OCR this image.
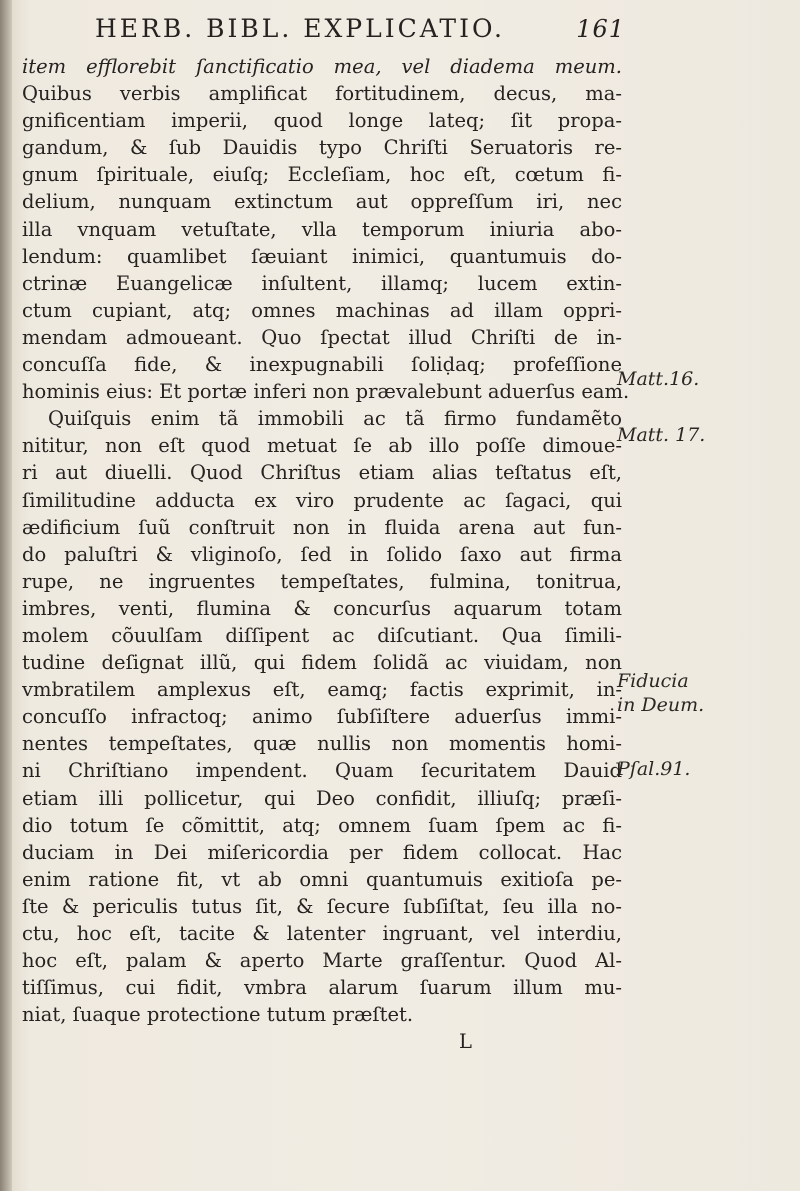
HERB. BIBL. EXPLICATIO.	161
item efflorebit ſanctificatio mea, vel diadema meum.
Quibus verbis amplificat fortitudinem, decus, ma-
gnificentiam imperii, quod longe lateq; ſit propa-
gandum, & ſub Dauidis typo Chriſti Seruatoris re-
gnum ſpirituale, eiuſq; Eccleſiam, hoc eſt, cœtum fi-
delium, nunquam extinctum aut oppreſſum iri, nec
illa vnquam vetuſtate, vlla temporum iniuria abo-
lendum: quamlibet ſæuiant inimici, quantumuis do-
ctrinæ Euangelicæ inſultent, illamq; lucem extin-
ctum cupiant, atq; omnes machinas ad illam oppri-
mendam admoueant. Quo ſpectat illud Chriſti de in-
concuſſa fide, & inexpugnabili ſoliḍaq; profeſſione
hominis eius: Et portæ inferi non prævalebunt aduerſus eam.
Quiſquis enim tã immobili ac tã firmo fundamẽto
nititur, non eſt quod metuat ſe ab illo poſſe dimoue-
ri aut diuelli. Quod Chriſtus etiam alias teſtatus eſt,
ſimilitudine adducta ex viro prudente ac ſagaci, qui
ædificium ſuũ conſtruit non in fluida arena aut fun-
do paluſtri & vliginoſo, ſed in ſolido ſaxo aut firma
rupe, ne ingruentes tempeſtates, fulmina, tonitrua,
imbres, venti, flumina & concurſus aquarum totam
molem cõuulſam diſſipent ac diſcutiant. Qua ſimili-
tudine deſignat illũ, qui fidem ſolidã ac viuidam, non
vmbratilem amplexus eſt, eamq; factis exprimit, in-
concuſſo infractoq; animo ſubſiſtere aduerſus immi-
nentes tempeſtates, quæ nullis non momentis homi-
ni Chriſtiano impendent. Quam ſecuritatem Dauid
etiam illi pollicetur, qui Deo confidit, illiuſq; præſi-
dio totum ſe cõmittit, atq; omnem ſuam ſpem ac fi-
duciam in Dei miſericordia per fidem collocat. Hac
enim ratione fit, vt ab omni quantumuis exitioſa pe-
ſte & periculis tutus ſit, & ſecure ſubſiſtat, ſeu illa no-
ctu, hoc eſt, tacite & latenter ingruant, vel interdiu,
hoc eſt, palam & aperto Marte graſſentur. Quod Al-
tiſſimus, cui fidit, vmbra alarum ſuarum illum mu-
niat, ſuaque protectione tutum præſtet.
L
Matt.16.
Matt. 17.
Fiducia
in Deum.
Pſal.91.
